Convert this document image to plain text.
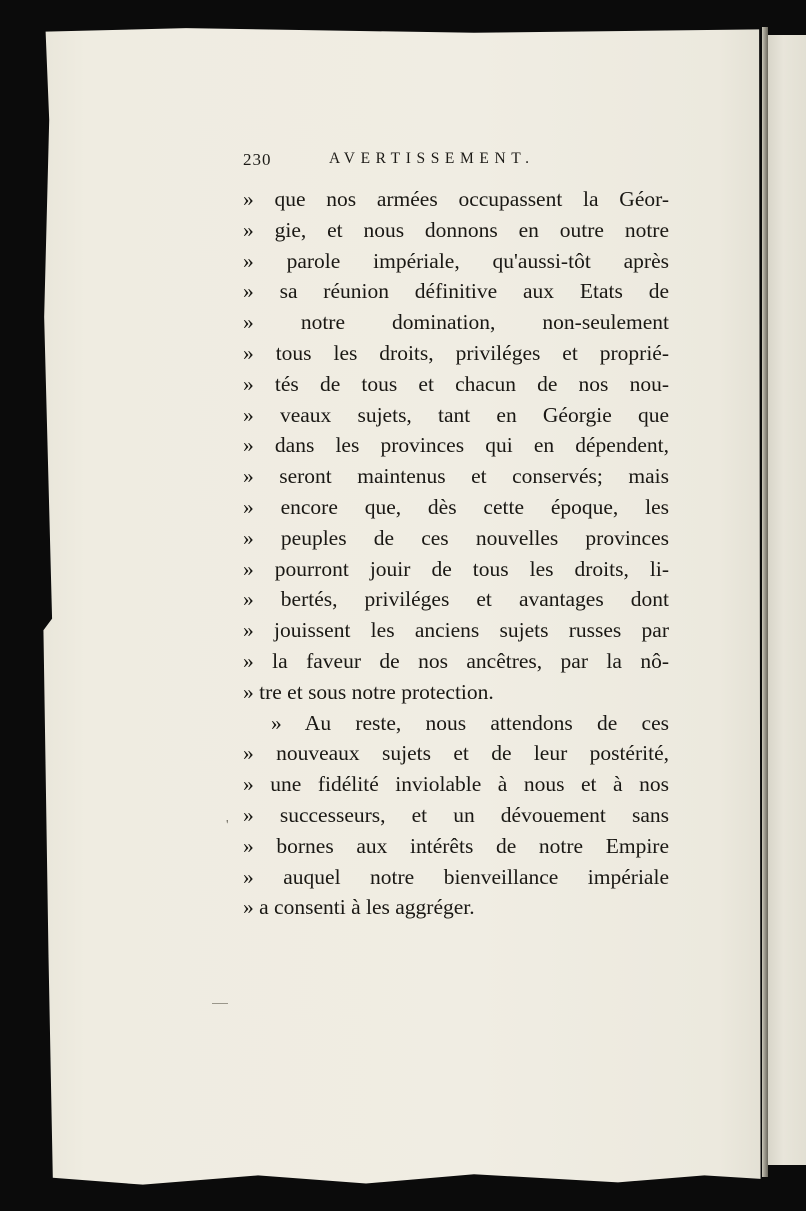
230	AVERTISSEMENT.
» que nos armées occupassent la Géor-
» gie, et nous donnons en outre notre
» parole impériale, qu'aussi-tôt après
» sa réunion définitive aux Etats de
» notre domination, non-seulement
» tous les droits, priviléges et proprié-
» tés de tous et chacun de nos nou-
» veaux sujets, tant en Géorgie que
» dans les provinces qui en dépendent,
» seront maintenus et conservés; mais
» encore que, dès cette époque, les
» peuples de ces nouvelles provinces
» pourront jouir de tous les droits, li-
» bertés, priviléges et avantages dont
» jouissent les anciens sujets russes par
» la faveur de nos ancêtres, par la nô-
» tre et sous notre protection.
» Au reste, nous attendons de ces
» nouveaux sujets et de leur postérité,
» une fidélité inviolable à nous et à nos
» successeurs, et un dévouement sans
» bornes aux intérêts de notre Empire
» auquel notre bienveillance impériale
» a consenti à les aggréger.
'
